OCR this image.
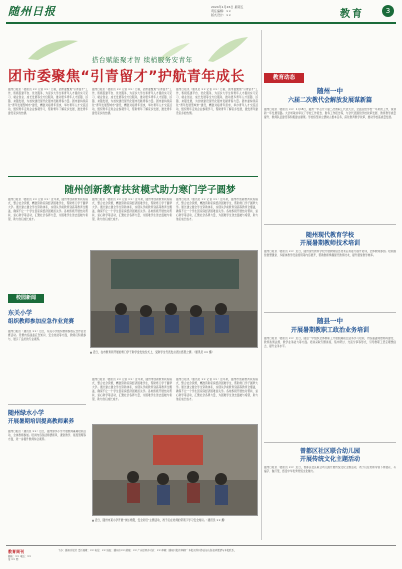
随州日报	2024年1月26日 星期五
责任编辑：××
版式设计：××	教育	3
搭台赋能聚才智 续梢服务安青年
团市委聚焦“引青留才”护航青年成长
随州日报讯（通讯员 ×× 记者 ××）日前，团市委聚焦“引青留才”工作，积极搭建平台、优化服务，为返乡大学生和青年人才提供实习见习、就业创业、成长发展等全方位服务，推动更多青年人才留随、返随、来随发展，为加快建设现代化强市贡献青春力量。团市委持续深化“青年发展型城市”建设，精准对接青年需求，举办青年人才交流活动，组织青年走进企业参观学习，帮助青年了解家乡发展，激发青年建设家乡的热情。
随州日报讯（通讯员 ×× 记者 ××）日前，团市委聚焦“引青留才”工作，积极搭建平台、优化服务，为返乡大学生和青年人才提供实习见习、就业创业、成长发展等全方位服务，推动更多青年人才留随、返随、来随发展，为加快建设现代化强市贡献青春力量。团市委持续深化“青年发展型城市”建设，精准对接青年需求，举办青年人才交流活动，组织青年走进企业参观学习，帮助青年了解家乡发展，激发青年建设家乡的热情。
随州日报讯（通讯员 ×× 记者 ××）日前，团市委聚焦“引青留才”工作，积极搭建平台、优化服务，为返乡大学生和青年人才提供实习见习、就业创业、成长发展等全方位服务，推动更多青年人才留随、返随、来随发展，为加快建设现代化强市贡献青春力量。团市委持续深化“青年发展型城市”建设，精准对接青年需求，举办青年人才交流活动，组织青年走进企业参观学习，帮助青年了解家乡发展，激发青年建设家乡的热情。
教育动态
随州一中
六届二次教代会解放发展谋新篇
随州日报讯（通讯员 ××）1月18日，随州一中召开六届二次教职工代表大会，全面总结学校一年来的工作，谋划新一年发展思路。大会听取并审议了学校工作报告、财务工作报告等，与会代表围绕学校改革发展、教育教学质量提升、教师队伍建设等积极建言献策。学校将坚持立德树人根本任务，深化教育教学改革，推动学校高质量发展。
随州现代教育学校
开展暑期教师技术培训
随州日报讯（通讯员 ××）近日，随州现代教育学校开展教师信息技术应用能力提升培训，全体教师参加。培训围绕智慧课堂、多媒体教学设备使用等内容展开，帮助教师掌握现代教育技术，提升课堂教学效率。
随县一中
开展暑期教职工政治业务培训
随州日报讯（通讯员 ××）近日，随县一中组织全体教职工开展假期政治业务学习培训，内容涵盖师德师风建设、教育政策法规、教学业务能力等方面。培训采取专题讲座、集中研讨、交流分享等形式，引导教职工坚定理想信念，提升业务水平。
曾都区社区联合幼儿园
开展传统文化主题活动
随州日报讯（通讯员 ××）近日，曾都区社区联合幼儿园开展传统文化主题活动，孩子们在老师带领下剪窗花、写福字、做灯笼，感受中华优秀传统文化魅力。
随州创新教育扶贫模式助力寒门学子圆梦
随州日报讯（通讯员 ×× 记者 ××）近年来，随州市创新教育扶贫模式，整合社会资源，精准资助家庭经济困难学生，帮助寒门学子圆梦大学。通过建立健全学生资助体系，实现从学前教育到高等教育全覆盖，确保不让一个学生因家庭经济困难而失学。各地积极开展结对帮扶、爱心助学等活动，汇聚社会各界力量，为困难学生送去温暖与希望，助力他们成长成才。
随州日报讯（通讯员 ×× 记者 ××）近年来，随州市创新教育扶贫模式，整合社会资源，精准资助家庭经济困难学生，帮助寒门学子圆梦大学。通过建立健全学生资助体系，实现从学前教育到高等教育全覆盖，确保不让一个学生因家庭经济困难而失学。各地积极开展结对帮扶、爱心助学等活动，汇聚社会各界力量，为困难学生送去温暖与希望，助力他们成长成才。
随州日报讯（通讯员 ×× 记者 ××）近年来，随州市创新教育扶贫模式，整合社会资源，精准资助家庭经济困难学生，帮助寒门学子圆梦大学。通过建立健全学生资助体系，实现从学前教育到高等教育全覆盖，确保不让一个学生因家庭经济困难而失学。各地积极开展结对帮扶、爱心助学等活动，汇聚社会各界力量，为困难学生送去温暖与希望，助力他们成长成才。
▲ 近日，在市教育局开展的寒门学子助学金发放仪式上，受助学生代表发言表达感恩之情。（通讯员 ×× 摄）
校园新闻
东关小学
组织教师参加应急作业竞赛
随州日报讯（通讯员 ××）近日，东关小学组织教师参加应急作业竞赛活动。竞赛内容涵盖应急知识、安全技能等方面，教师们积极参与，展示了良好的专业素养。
随州绿水小学
开展暑期培训提高教师素养
随州日报讯（通讯员 ××）近日，随州绿水小学开展教师暑期培训活动，全体教师参加。培训内容包括师德师风、课堂教学、班级管理等方面，进一步提升教师综合素养。
随州日报讯（通讯员 ×× 记者 ××）近年来，随州市创新教育扶贫模式，整合社会资源，精准资助家庭经济困难学生，帮助寒门学子圆梦大学。通过建立健全学生资助体系，实现从学前教育到高等教育全覆盖，确保不让一个学生因家庭经济困难而失学。各地积极开展结对帮扶、爱心助学等活动，汇聚社会各界力量，为困难学生送去温暖与希望，助力他们成长成才。
随州日报讯（通讯员 ×× 记者 ××）近年来，随州市创新教育扶贫模式，整合社会资源，精准资助家庭经济困难学生，帮助寒门学子圆梦大学。通过建立健全学生资助体系，实现从学前教育到高等教育全覆盖，确保不让一个学生因家庭经济困难而失学。各地积极开展结对帮扶、爱心助学等活动，汇聚社会各界力量，为困难学生送去温暖与希望，助力他们成长成才。
▲ 近日，随州市某小学开展“快乐寒假，安全同行”主题活动，孩子们在老师的带领下学习安全知识。（通讯员 ×× 摄）
教育周刊
邮箱：×× 电话：××
第 ×× 期
主办：随州日报社 责任编辑：×× 电话：×× 地址：随州市×× 邮编：×× 广告经营许可证：×× 印刷：随州日报社印刷厂 本报讯所刊作品如有版权问题请与本报联系。
